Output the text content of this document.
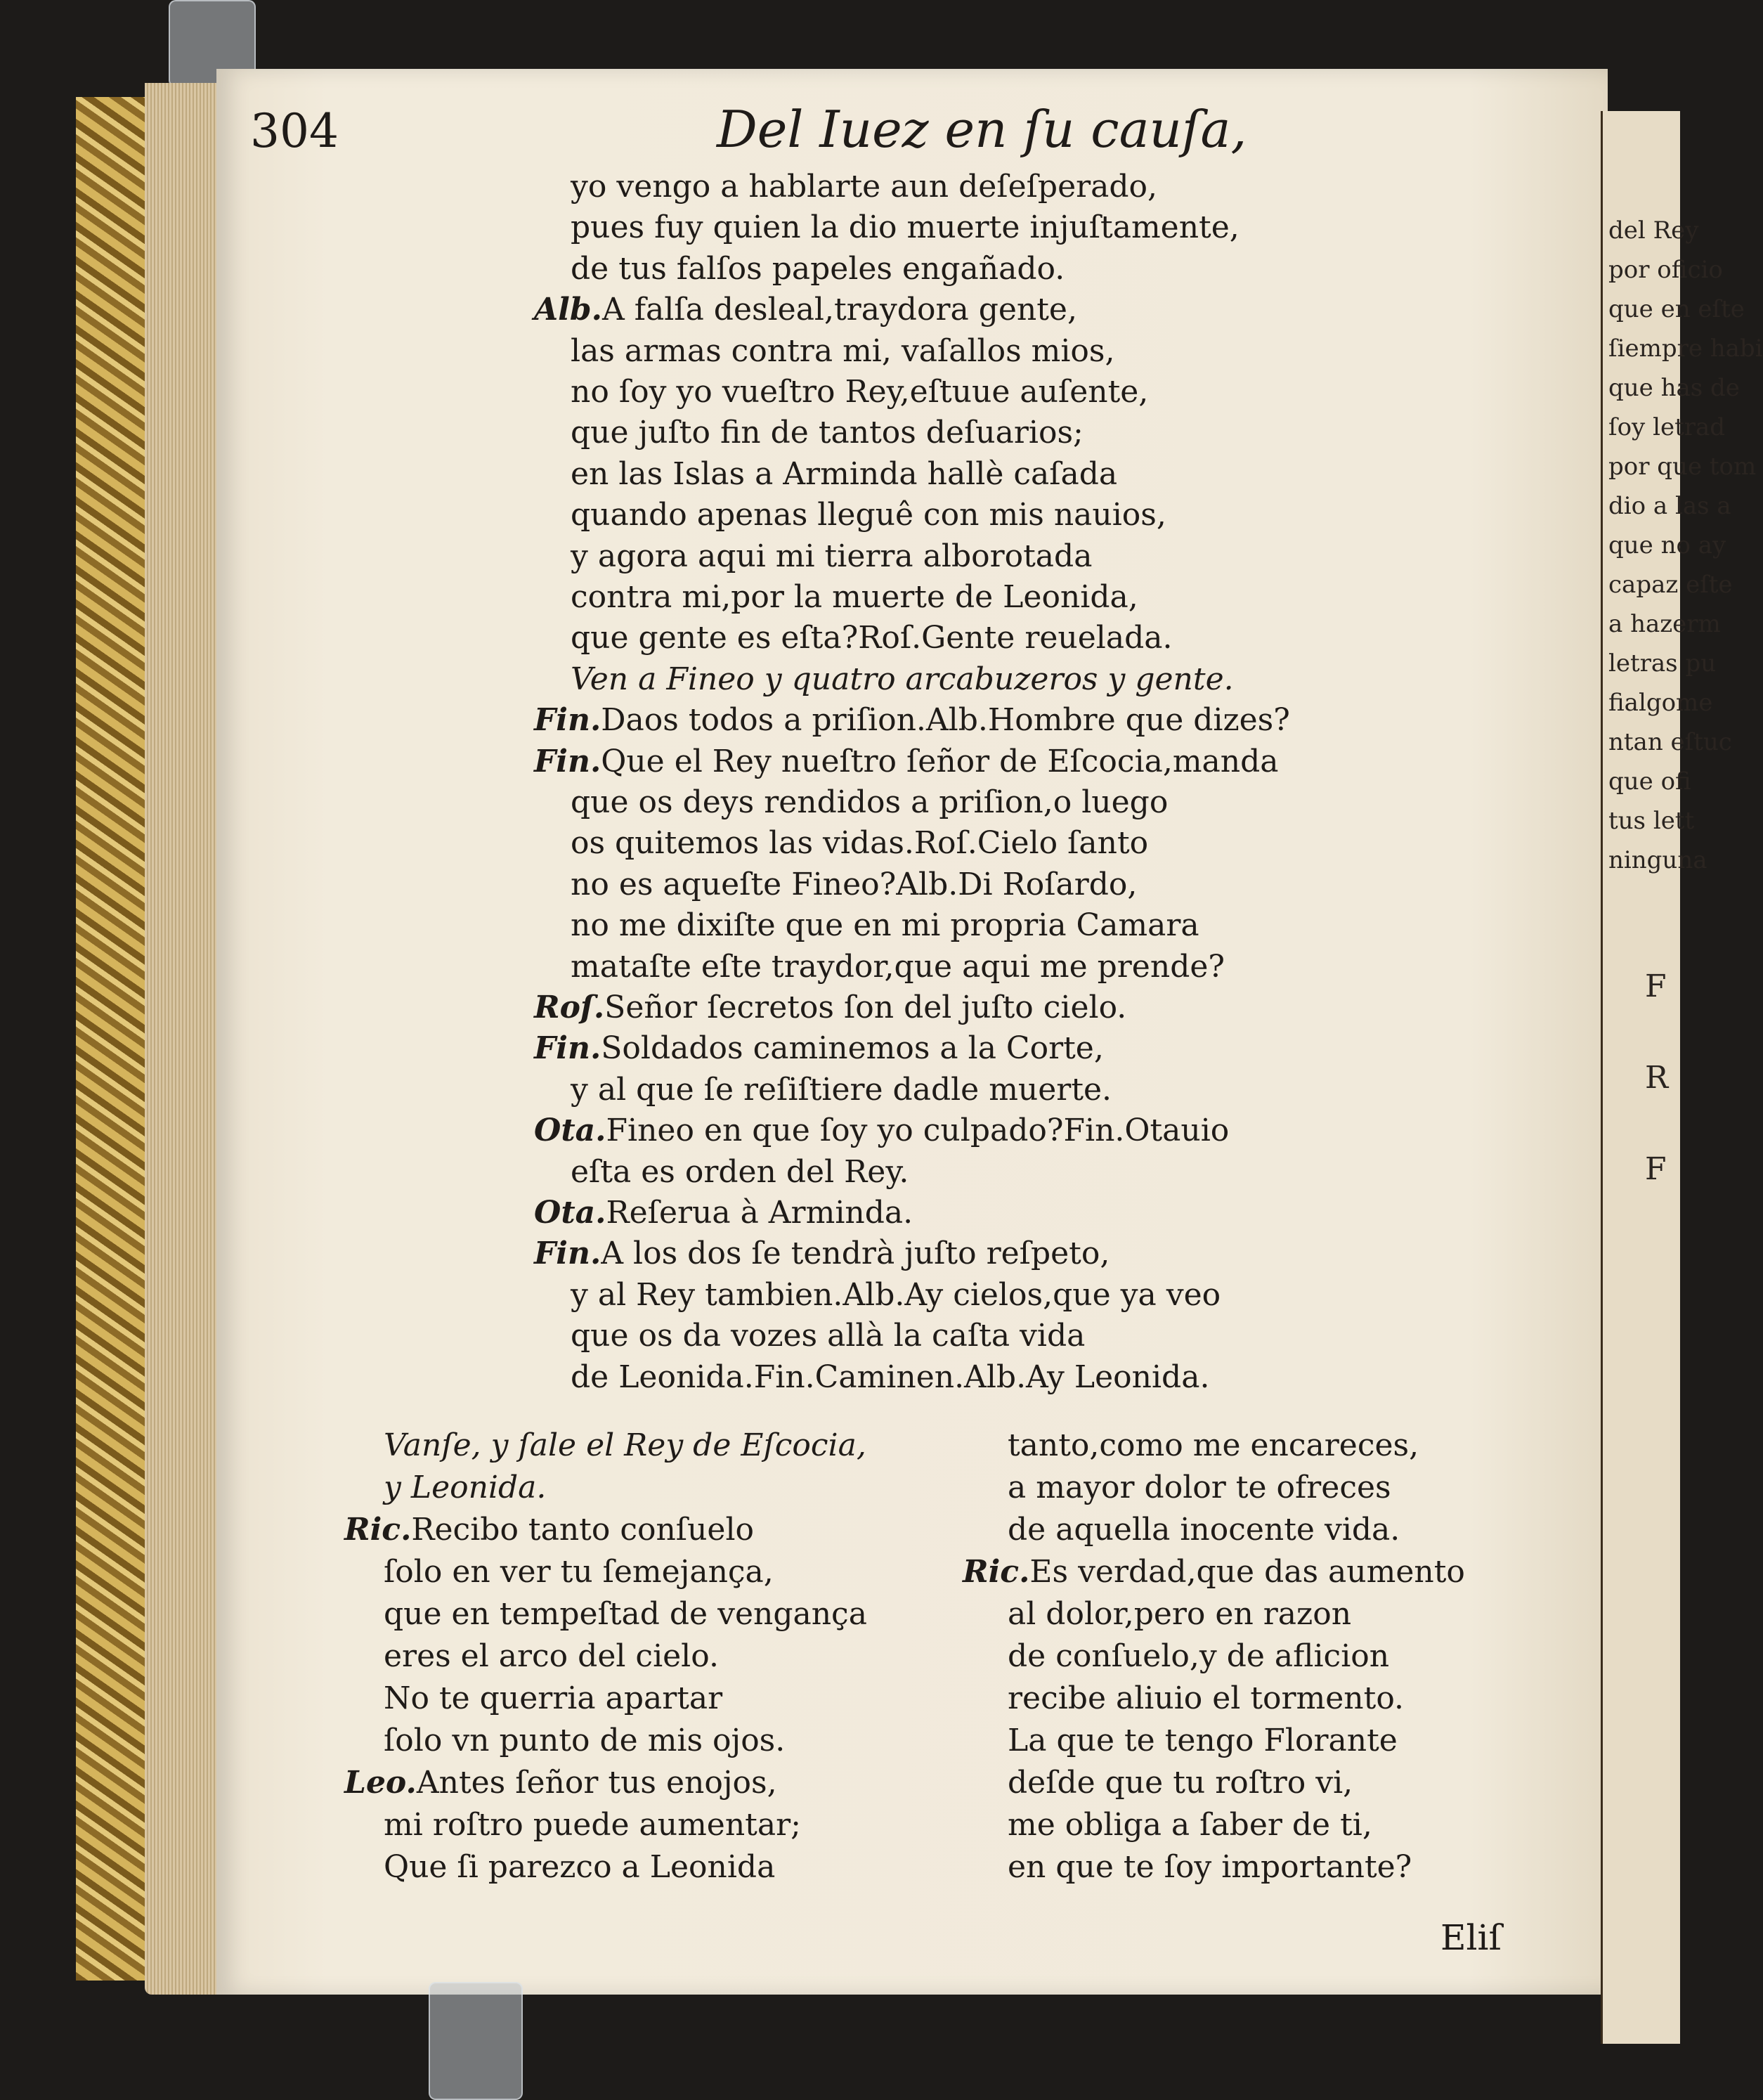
del Rey
por oficio
que en eſte
ſiempre habi
que has de
ſoy letrad
por que tom
dio a las a
que no ay
capaz eſte
a hazerm
letras pu
fialgome
ntan eſtuc
que ofi
tus lett
ninguna
F
R
F
304	Del Iuez en ſu cauſa,
yo vengo a hablarte aun deſeſperado,
pues fuy quien la dio muerte injuſtamente,
de tus falſos papeles engañado.
Alb.A falſa desleal,traydora gente,
las armas contra mi, vaſallos mios,
no ſoy yo vueſtro Rey,eſtuue auſente,
que juſto fin de tantos deſuarios;
en las Islas a Arminda hallè caſada
quando apenas lleguê con mis nauios,
y agora aqui mi tierra alborotada
contra mi,por la muerte de Leonida,
que gente es eſta?Roſ.Gente reuelada.
Ven a Fineo y quatro arcabuzeros y gente.
Fin.Daos todos a priſion.Alb.Hombre que dizes?
Fin.Que el Rey nueſtro ſeñor de Eſcocia,manda
que os deys rendidos a priſion,o luego
os quitemos las vidas.Roſ.Cielo ſanto
no es aqueſte Fineo?Alb.Di Roſardo,
no me dixiſte que en mi propria Camara
mataſte eſte traydor,que aqui me prende?
Roſ.Señor ſecretos ſon del juſto cielo.
Fin.Soldados caminemos a la Corte,
y al que ſe reſiſtiere dadle muerte.
Ota.Fineo en que ſoy yo culpado?Fin.Otauio
eſta es orden del Rey.
Ota.Reſerua à Arminda.
Fin.A los dos ſe tendrà juſto reſpeto,
y al Rey tambien.Alb.Ay cielos,que ya veo
que os da vozes allà la caſta vida
de Leonida.Fin.Caminen.Alb.Ay Leonida.
Vanſe, y ſale el Rey de Eſcocia,
y Leonida.
Ric.Recibo tanto conſuelo
ſolo en ver tu ſemejança,
que en tempeſtad de vengança
eres el arco del cielo.
No te querria apartar
ſolo vn punto de mis ojos.
Leo.Antes ſeñor tus enojos,
mi roſtro puede aumentar;
Que ſi parezco a Leonida
tanto,como me encareces,
a mayor dolor te ofreces
de aquella inocente vida.
Ric.Es verdad,que das aumento
al dolor,pero en razon
de conſuelo,y de aflicion
recibe aliuio el tormento.
La que te tengo Florante
deſde que tu roſtro vi,
me obliga a ſaber de ti,
en que te ſoy importante?
Eliſ
